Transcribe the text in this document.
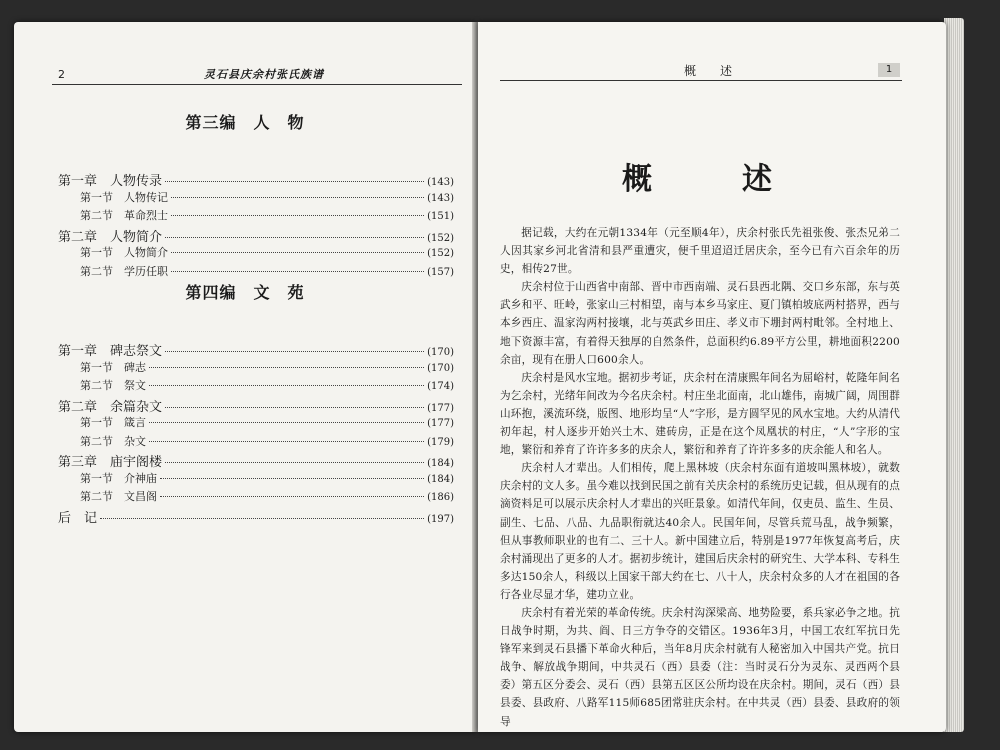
2	灵石县庆余村张氏族谱
第三编　人　物
第一章　人物传录	(143)
第一节　人物传记	(143)
第二节　革命烈士	(151)
第二章　人物简介	(152)
第一节　人物简介	(152)
第二节　学历任职	(157)
第四编　文　苑
第一章　碑志祭文	(170)
第一节　碑志	(170)
第二节　祭文	(174)
第二章　余篇杂文	(177)
第一节　箴言	(177)
第二节　杂文	(179)
第三章　庙宇阁楼	(184)
第一节　介神庙	(184)
第二节　文昌阁	(186)
后　记	(197)
概　述	1
概　述

据记载，大约在元朝1334年（元至顺4年），庆余村张氏先祖张俊、张杰兄弟二人因其家乡河北省清和县严重遭灾，便千里迢迢迁居庆余，至今已有六百余年的历史，相传27世。

庆余村位于山西省中南部、晋中市西南端、灵石县西北隅、交口乡东部，东与英武乡和平、旺岭，张家山三村相望，南与本乡马家庄、夏门镇柏坡底两村搭界，西与本乡西庄、温家沟两村接壤，北与英武乡田庄、孝义市下堋封两村毗邻。全村地上、地下资源丰富，有着得天独厚的自然条件，总面积约6.89平方公里，耕地面积2200余亩，现有在册人口600余人。

庆余村是风水宝地。据初步考证，庆余村在清康熙年间名为屈峪村，乾隆年间名为乞余村，光绪年间改为今名庆余村。村庄坐北面南，北山雄伟，南城广阔，周围群山环抱，溪流环绕，版图、地形均呈“人”字形，是方圆罕见的风水宝地。大约从清代初年起，村人逐步开始兴土木、建砖房，正是在这个凤凰状的村庄，“人”字形的宝地，繁衍和养育了许许多多的庆余人，繁衍和养育了许许多多的庆余能人和名人。

庆余村人才辈出。人们相传，爬上黑林坡（庆余村东面有道坡叫黑林坡），就数庆余村的文人多。虽今难以找到民国之前有关庆余村的系统历史记载，但从现有的点滴资料足可以展示庆余村人才辈出的兴旺景象。如清代年间，仅吏员、监生、生员、副生、七品、八品、九品职衔就达40余人。民国年间，尽管兵荒马乱，战争频繁，但从事教师职业的也有二、三十人。新中国建立后，特别是1977年恢复高考后，庆余村涌现出了更多的人才。据初步统计，建国后庆余村的研究生、大学本科、专科生多达150余人，科级以上国家干部大约在七、八十人，庆余村众多的人才在祖国的各行各业尽显才华，建功立业。

庆余村有着光荣的革命传统。庆余村沟深梁高、地势险要，系兵家必争之地。抗日战争时期，为共、阎、日三方争夺的交错区。1936年3月，中国工农红军抗日先锋军来到灵石县播下革命火种后，当年8月庆余村就有人秘密加入中国共产党。抗日战争、解放战争期间，中共灵石（西）县委（注：当时灵石分为灵东、灵西两个县委）第五区分委会、灵石（西）县第五区区公所均设在庆余村。期间，灵石（西）县县委、县政府、八路军115师685团常驻庆余村。在中共灵（西）县委、县政府的领导
